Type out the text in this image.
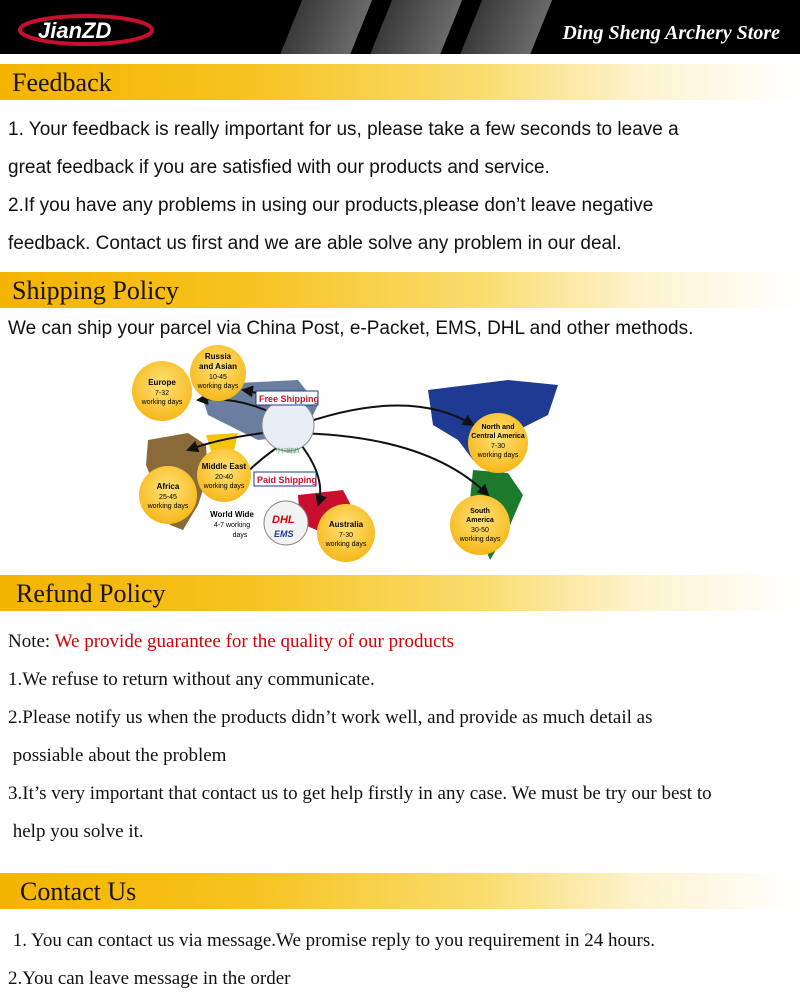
JianZD	Ding Sheng Archery Store
Feedback
1. Your feedback is really important for us, please take a few seconds to leave a
great feedback if you are satisfied with our products and service.
2.If you have any problems in using our products,please don’t leave negative
feedback. Contact us first and we are able solve any problem in our deal.
Shipping Policy
We can ship your parcel via China Post, e-Packet, EMS, DHL and other methods.
中国邮政
DHL
EMS
Free Shipping
Paid Shipping
Europe
7-32
working days
Russia
and Asian
10-45
working days
Middle East
20-40
working days
Africa
25-45
working days
World Wide
4-7 working
days
Australia
7-30
working days
North and
Central America
7-30
working days
South
America
30-50
working days
Refund Policy
Note: We provide guarantee for the quality of our products
1.We refuse to return without any communicate.
2.Please notify us when the products didn’t work well, and provide as much detail as
possiable about the problem
3.It’s very important that contact us to get help firstly in any case. We must be try our best to
help you solve it.
Contact Us
1. You can contact us via message.We promise reply to you requirement in 24 hours.
2.You can leave message in the order
